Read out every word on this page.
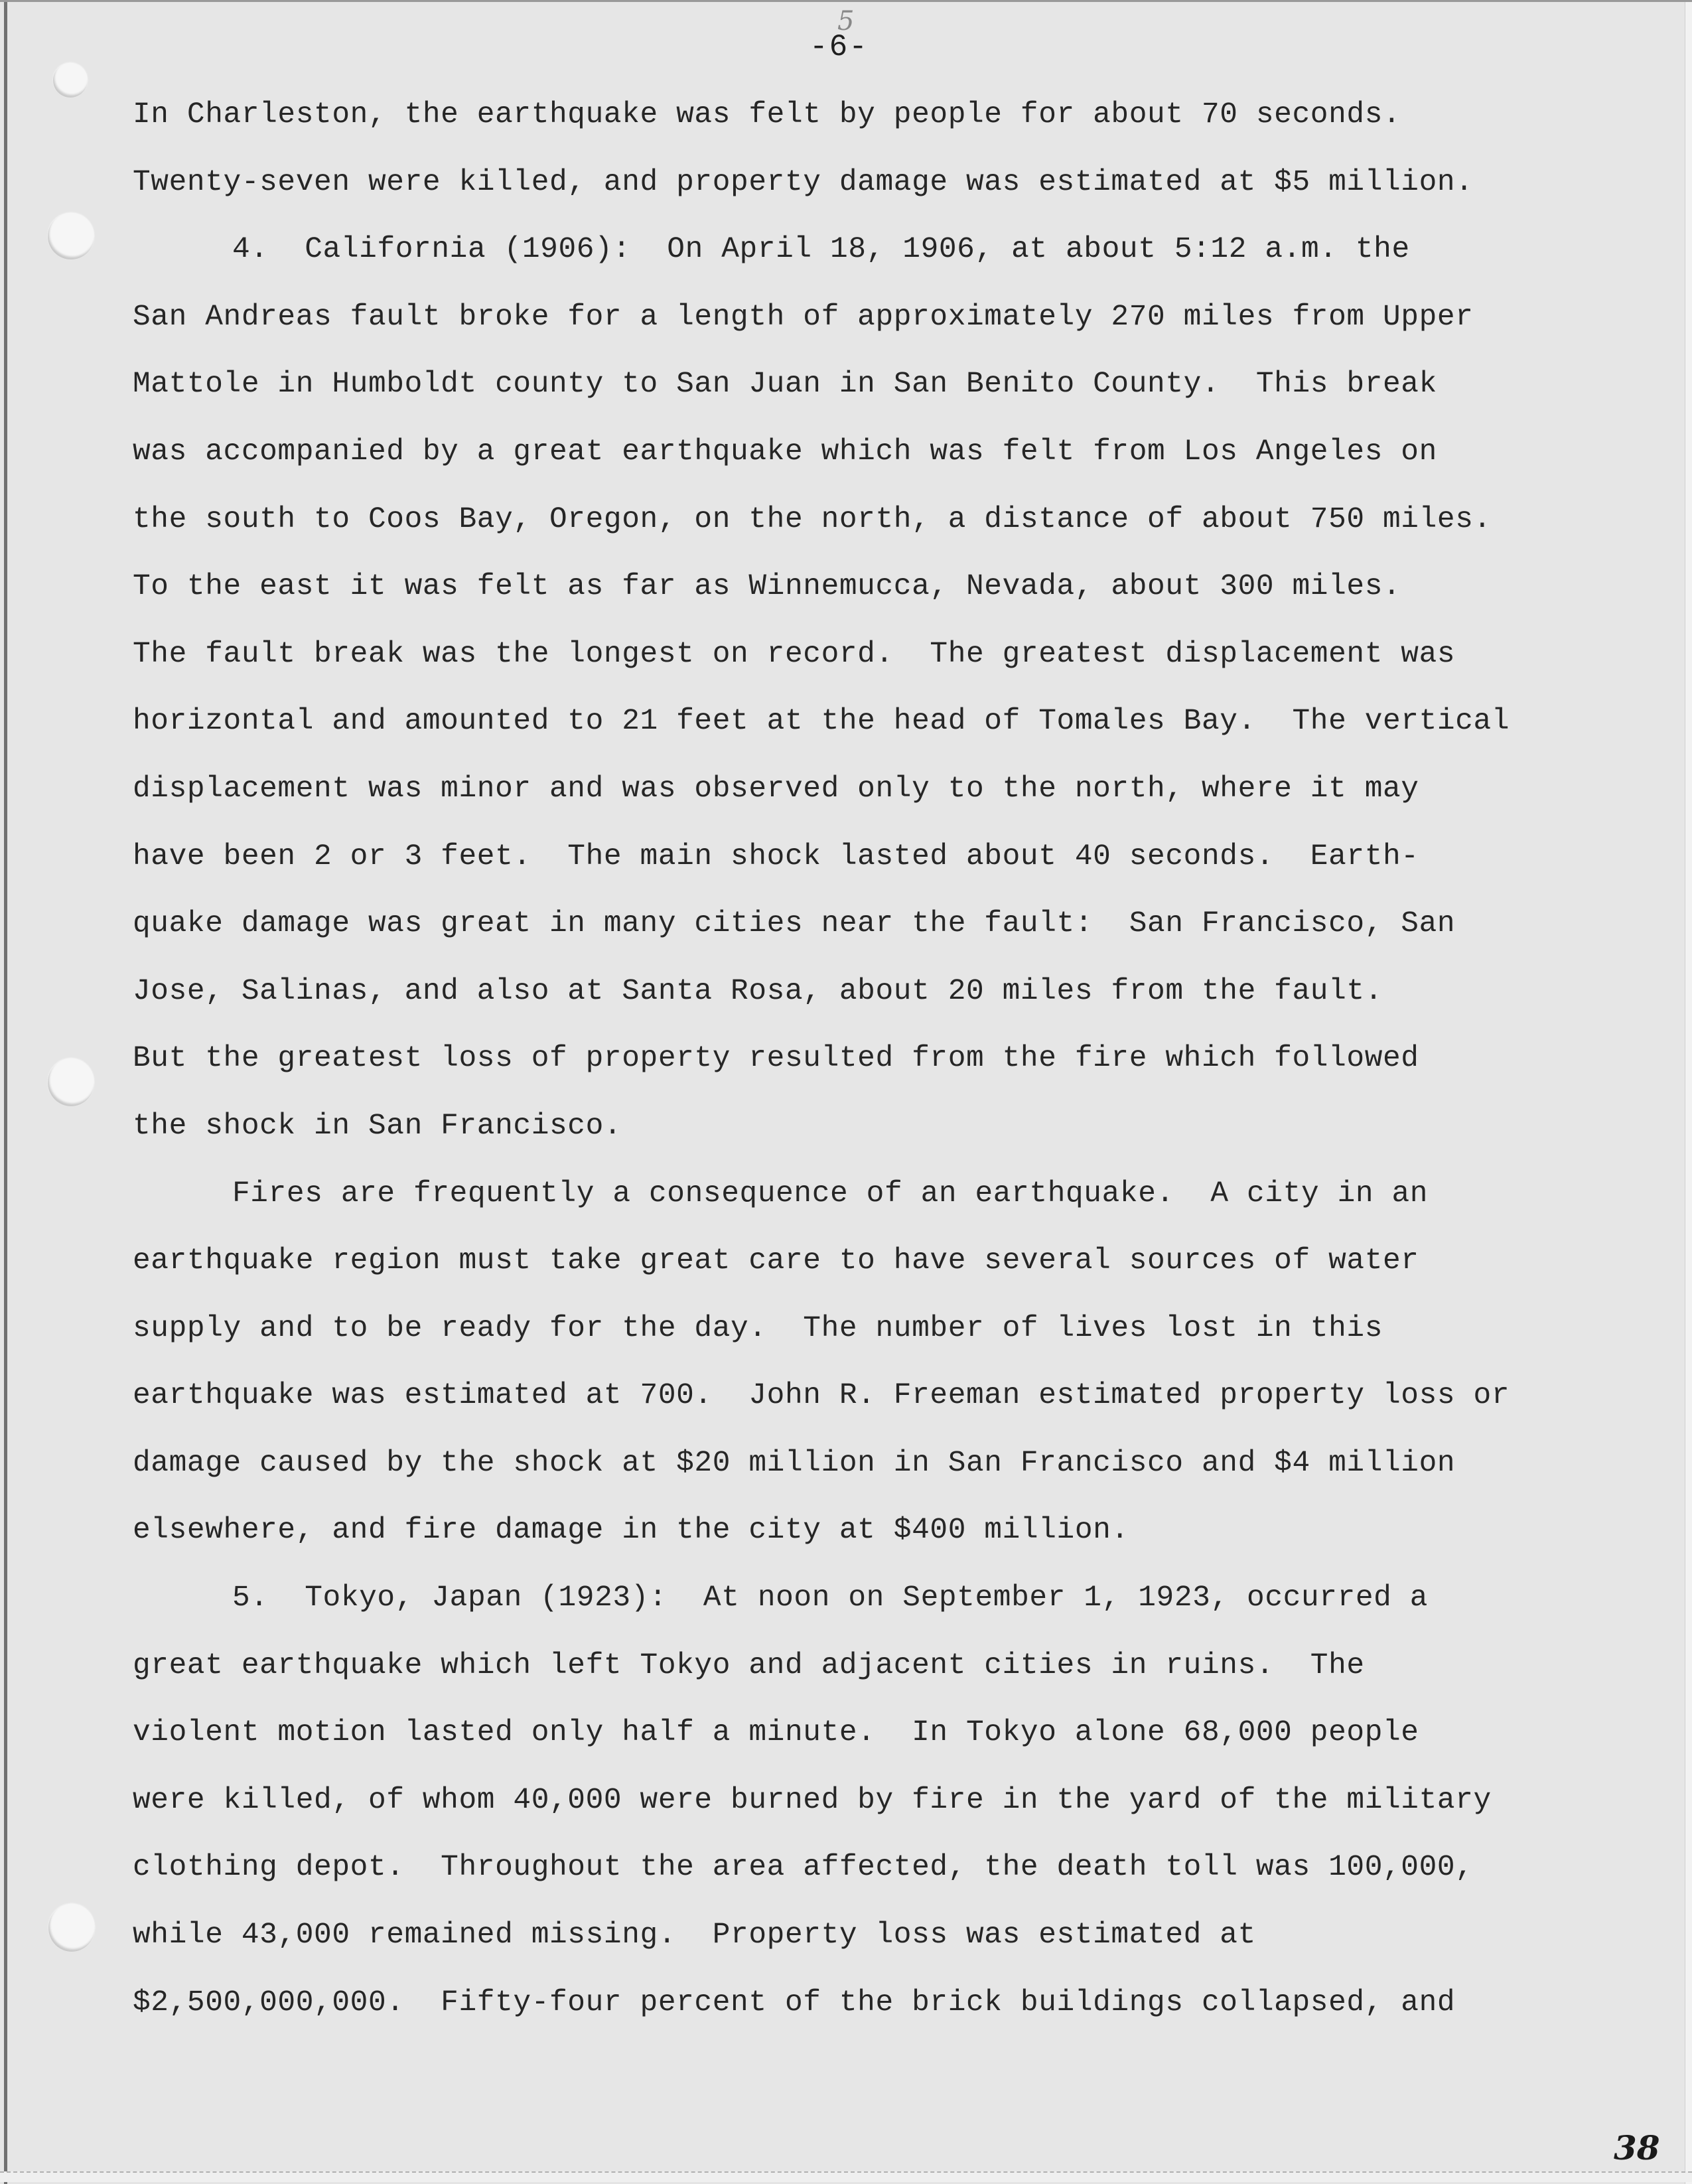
5
-6-
In Charleston, the earthquake was felt by people for about 70 seconds.
Twenty-seven were killed, and property damage was estimated at $5 million.
4.  California (1906):  On April 18, 1906, at about 5:12 a.m. the
San Andreas fault broke for a length of approximately 270 miles from Upper
Mattole in Humboldt county to San Juan in San Benito County.  This break
was accompanied by a great earthquake which was felt from Los Angeles on
the south to Coos Bay, Oregon, on the north, a distance of about 750 miles.
To the east it was felt as far as Winnemucca, Nevada, about 300 miles.
The fault break was the longest on record.  The greatest displacement was
horizontal and amounted to 21 feet at the head of Tomales Bay.  The vertical
displacement was minor and was observed only to the north, where it may
have been 2 or 3 feet.  The main shock lasted about 40 seconds.  Earth-
quake damage was great in many cities near the fault:  San Francisco, San
Jose, Salinas, and also at Santa Rosa, about 20 miles from the fault.
But the greatest loss of property resulted from the fire which followed
the shock in San Francisco.
Fires are frequently a consequence of an earthquake.  A city in an
earthquake region must take great care to have several sources of water
supply and to be ready for the day.  The number of lives lost in this
earthquake was estimated at 700.  John R. Freeman estimated property loss or
damage caused by the shock at $20 million in San Francisco and $4 million
elsewhere, and fire damage in the city at $400 million.
5.  Tokyo, Japan (1923):  At noon on September 1, 1923, occurred a
great earthquake which left Tokyo and adjacent cities in ruins.  The
violent motion lasted only half a minute.  In Tokyo alone 68,000 people
were killed, of whom 40,000 were burned by fire in the yard of the military
clothing depot.  Throughout the area affected, the death toll was 100,000,
while 43,000 remained missing.  Property loss was estimated at
$2,500,000,000.  Fifty-four percent of the brick buildings collapsed, and
38
